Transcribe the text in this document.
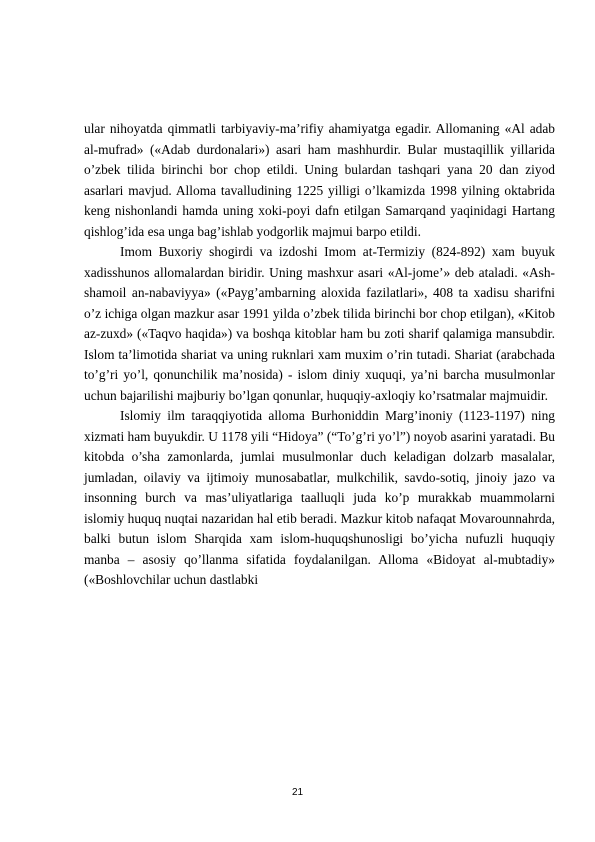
ular nihoyatda qimmatli tarbiyaviy-ma’rifiy ahamiyatga egadir. Allomaning «Al adab al-mufrad» («Adab durdonalari») asari ham mashhurdir. Bular mustaqillik yillarida o’zbek tilida birinchi bor chop etildi. Uning bulardan tashqari yana 20 dan ziyod asarlari mavjud. Alloma tavalludining 1225 yilligi o’lkamizda 1998 yilning oktabrida keng nishonlandi hamda uning xoki-poyi dafn etilgan Samarqand yaqinidagi Hartang qishlog’ida esa unga bag’ishlab yodgorlik majmui barpo etildi.

Imom Buxoriy shogirdi va izdoshi Imom at-Termiziy (824-892) xam buyuk xadisshunos allomalardan biridir. Uning mashxur asari «Al-jome’» deb ataladi. «Ash-shamoil an-nabaviyya» («Payg’ambarning aloxida fazilatlari», 408 ta xadisu sharifni o’z ichiga olgan mazkur asar 1991 yilda o’zbek tilida birinchi bor chop etilgan), «Kitob az-zuxd» («Taqvo haqida») va boshqa kitoblar ham bu zoti sharif qalamiga mansubdir. Islom ta’limotida shariat va uning ruknlari xam muxim o’rin tutadi. Shariat (arabchada to’g’ri yo’l, qonunchilik ma’nosida) - islom diniy xuquqi, ya’ni barcha musulmonlar uchun bajarilishi majburiy bo’lgan qonunlar, huquqiy-axloqiy ko’rsatmalar majmuidir.

Islomiy ilm taraqqiyotida alloma Burhoniddin Marg’inoniy (1123-1197) ning xizmati ham buyukdir. U 1178 yili “Hidoya” (“To’g’ri yo’l”) noyob asarini yaratadi. Bu kitobda o’sha zamonlarda, jumlai musulmonlar duch keladigan dolzarb masalalar, jumladan, oilaviy va ijtimoiy munosabatlar, mulkchilik, savdo-sotiq, jinoiy jazo va insonning burch va mas’uliyatlariga taalluqli juda ko’p murakkab muammolarni islomiy huquq nuqtai nazaridan hal etib beradi. Mazkur kitob nafaqat Movarounnahrda, balki butun islom Sharqida xam islom-huquqshunosligi bo’yicha nufuzli huquqiy manba – asosiy qo’llanma sifatida foydalanilgan. Alloma «Bidoyat al-mubtadiy» («Boshlovchilar uchun dastlabki

21
